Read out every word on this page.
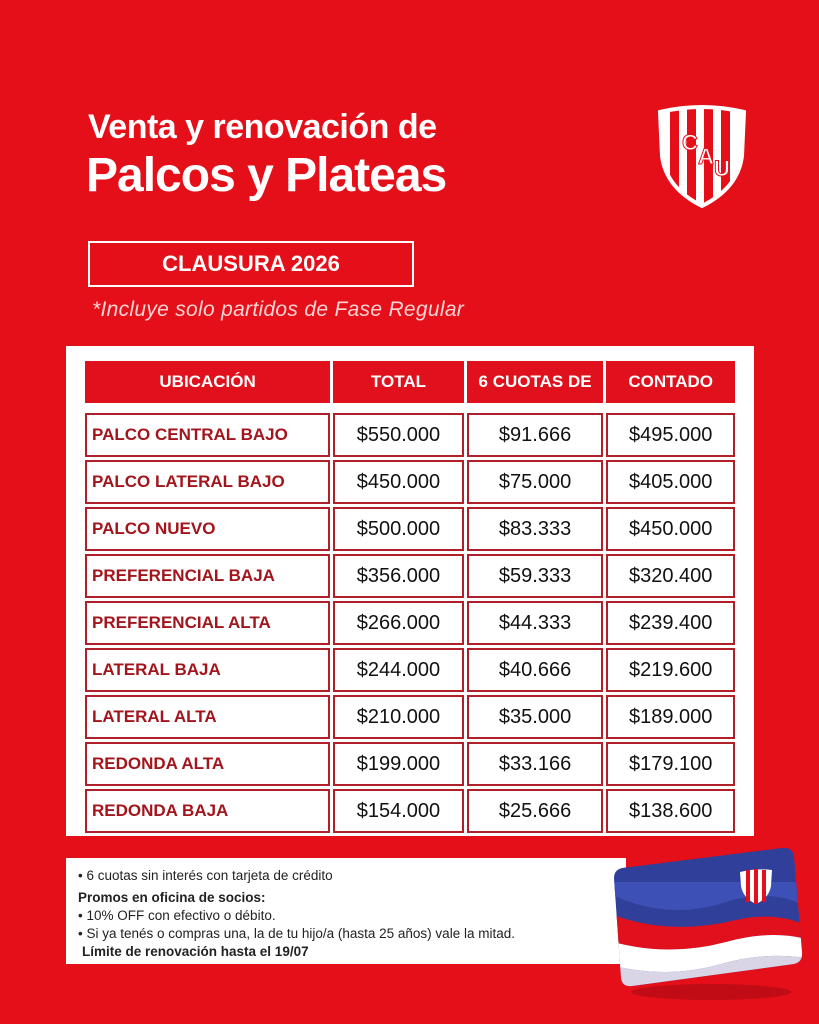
Venta y renovación de
Palcos y Plateas
C
A U
CLAUSURA 2026
*Incluye solo partidos de Fase Regular
UBICACIÓN	TOTAL	6 CUOTAS DE	CONTADO

PALCO CENTRAL BAJO	$550.000	$91.666	$495.000
PALCO LATERAL BAJO	$450.000	$75.000	$405.000
PALCO NUEVO	$500.000	$83.333	$450.000
PREFERENCIAL BAJA	$356.000	$59.333	$320.400
PREFERENCIAL ALTA	$266.000	$44.333	$239.400
LATERAL BAJA	$244.000	$40.666	$219.600
LATERAL ALTA	$210.000	$35.000	$189.000
REDONDA ALTA	$199.000	$33.166	$179.100
REDONDA BAJA	$154.000	$25.666	$138.600
• 6 cuotas sin interés con tarjeta de crédito
Promos en oficina de socios:
• 10% OFF con efectivo o débito.
• Si ya tenés o compras una, la de tu hijo/a (hasta 25 años) vale la mitad.
Límite de renovación hasta el 19/07
